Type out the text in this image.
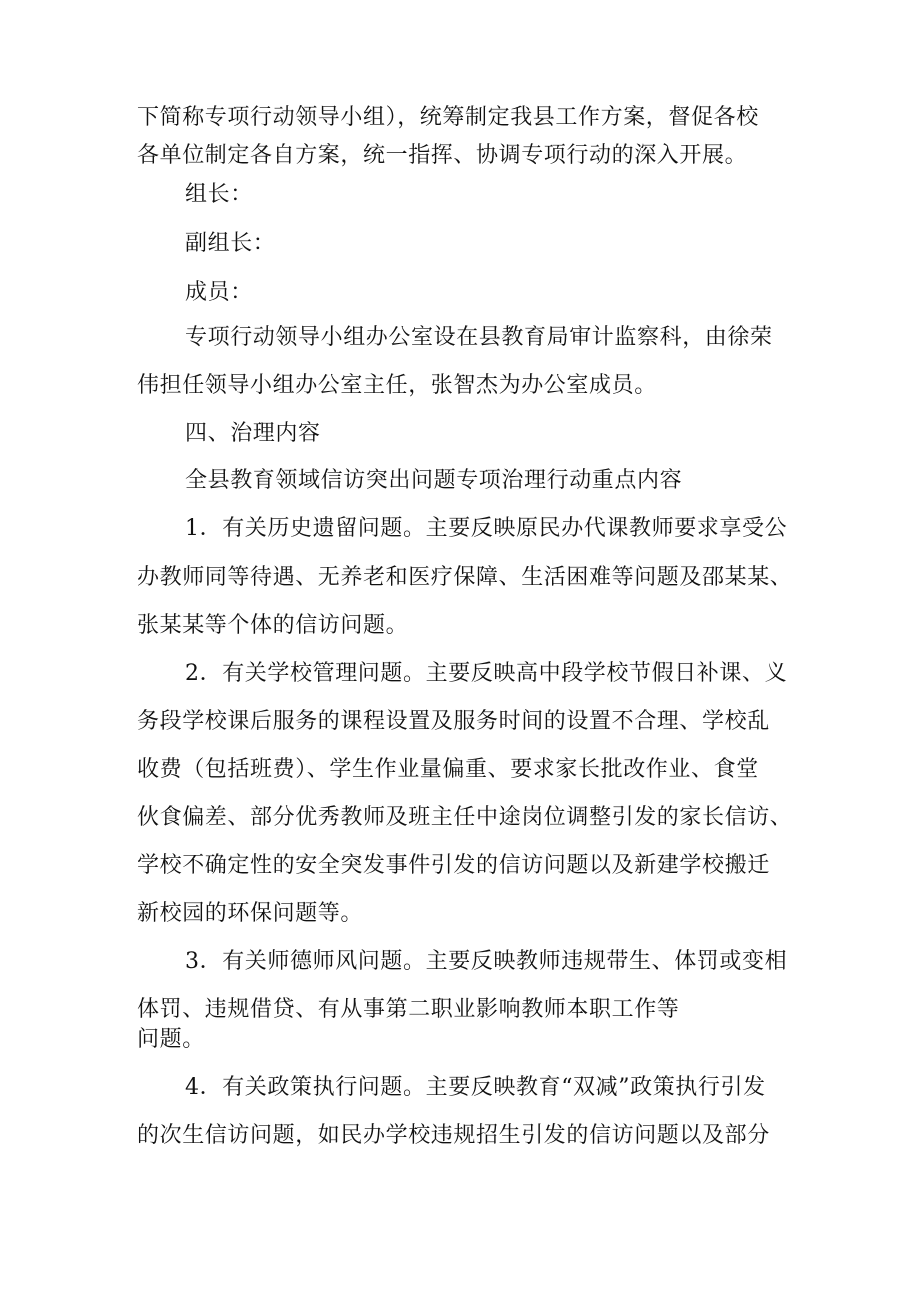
下简称专项行动领导小组），统筹制定我县工作方案，督促各校
各单位制定各自方案，统一指挥、协调专项行动的深入开展。
组长：
副组长：
成员：
专项行动领导小组办公室设在县教育局审计监察科，由徐荣
伟担任领导小组办公室主任，张智杰为办公室成员。
四、治理内容
全县教育领域信访突出问题专项治理行动重点内容
1．有关历史遗留问题。主要反映原民办代课教师要求享受公
办教师同等待遇、无养老和医疗保障、生活困难等问题及邵某某、
张某某等个体的信访问题。
2．有关学校管理问题。主要反映高中段学校节假日补课、义
务段学校课后服务的课程设置及服务时间的设置不合理、学校乱
收费（包括班费）、学生作业量偏重、要求家长批改作业、食堂
伙食偏差、部分优秀教师及班主任中途岗位调整引发的家长信访、
学校不确定性的安全突发事件引发的信访问题以及新建学校搬迁
新校园的环保问题等。
3．有关师德师风问题。主要反映教师违规带生、体罚或变相
体罚、违规借贷、有从事第二职业影响教师本职工作等
问题。
4．有关政策执行问题。主要反映教育“双减”政策执行引发
的次生信访问题，如民办学校违规招生引发的信访问题以及部分
